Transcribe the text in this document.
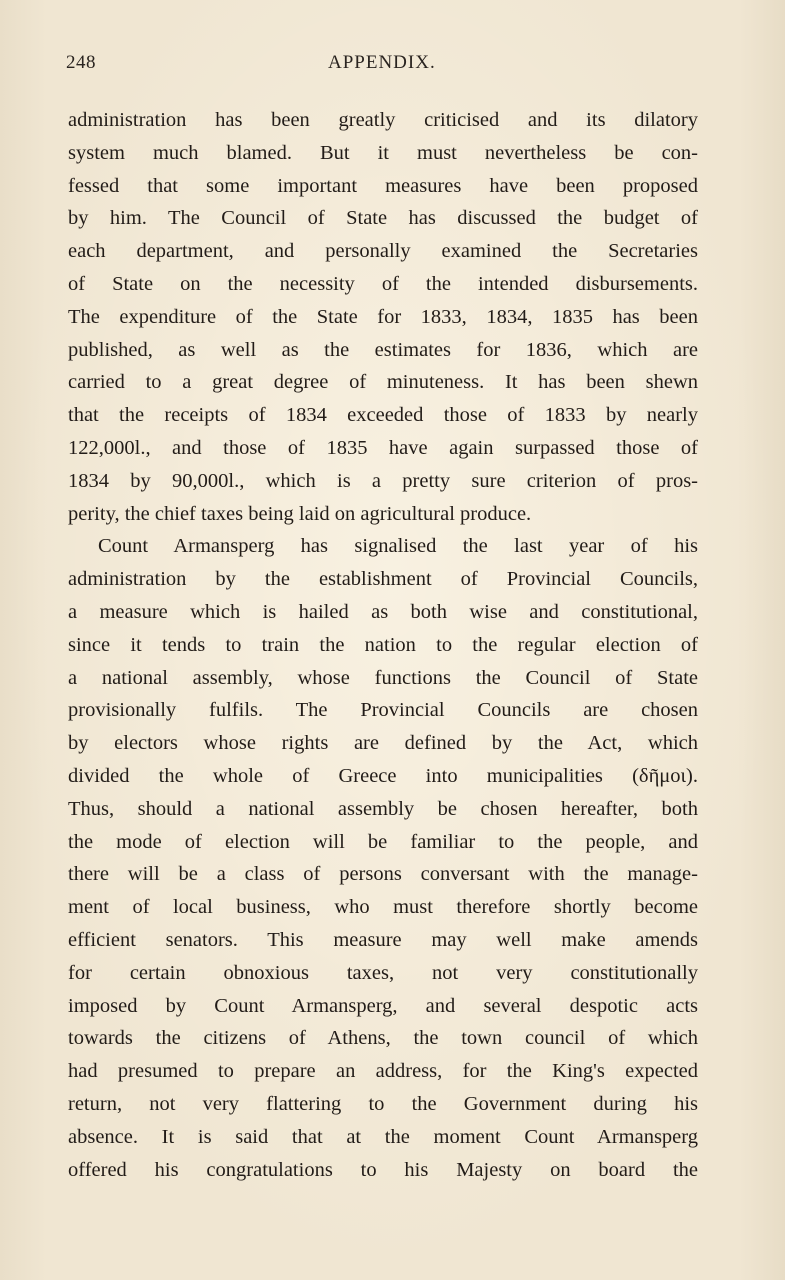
248	APPENDIX.
administration has been greatly criticised and its dilatory
system much blamed. But it must nevertheless be con-
fessed that some important measures have been proposed
by him. The Council of State has discussed the budget of
each department, and personally examined the Secretaries
of State on the necessity of the intended disbursements.
The expenditure of the State for 1833, 1834, 1835 has been
published, as well as the estimates for 1836, which are
carried to a great degree of minuteness. It has been shewn
that the receipts of 1834 exceeded those of 1833 by nearly
122,000l., and those of 1835 have again surpassed those of
1834 by 90,000l., which is a pretty sure criterion of pros-
perity, the chief taxes being laid on agricultural produce.
Count Armansperg has signalised the last year of his
administration by the establishment of Provincial Councils,
a measure which is hailed as both wise and constitutional,
since it tends to train the nation to the regular election of
a national assembly, whose functions the Council of State
provisionally fulfils. The Provincial Councils are chosen
by electors whose rights are defined by the Act, which
divided the whole of Greece into municipalities (δῆμοι).
Thus, should a national assembly be chosen hereafter, both
the mode of election will be familiar to the people, and
there will be a class of persons conversant with the manage-
ment of local business, who must therefore shortly become
efficient senators. This measure may well make amends
for certain obnoxious taxes, not very constitutionally
imposed by Count Armansperg, and several despotic acts
towards the citizens of Athens, the town council of which
had presumed to prepare an address, for the King's expected
return, not very flattering to the Government during his
absence. It is said that at the moment Count Armansperg
offered his congratulations to his Majesty on board the
